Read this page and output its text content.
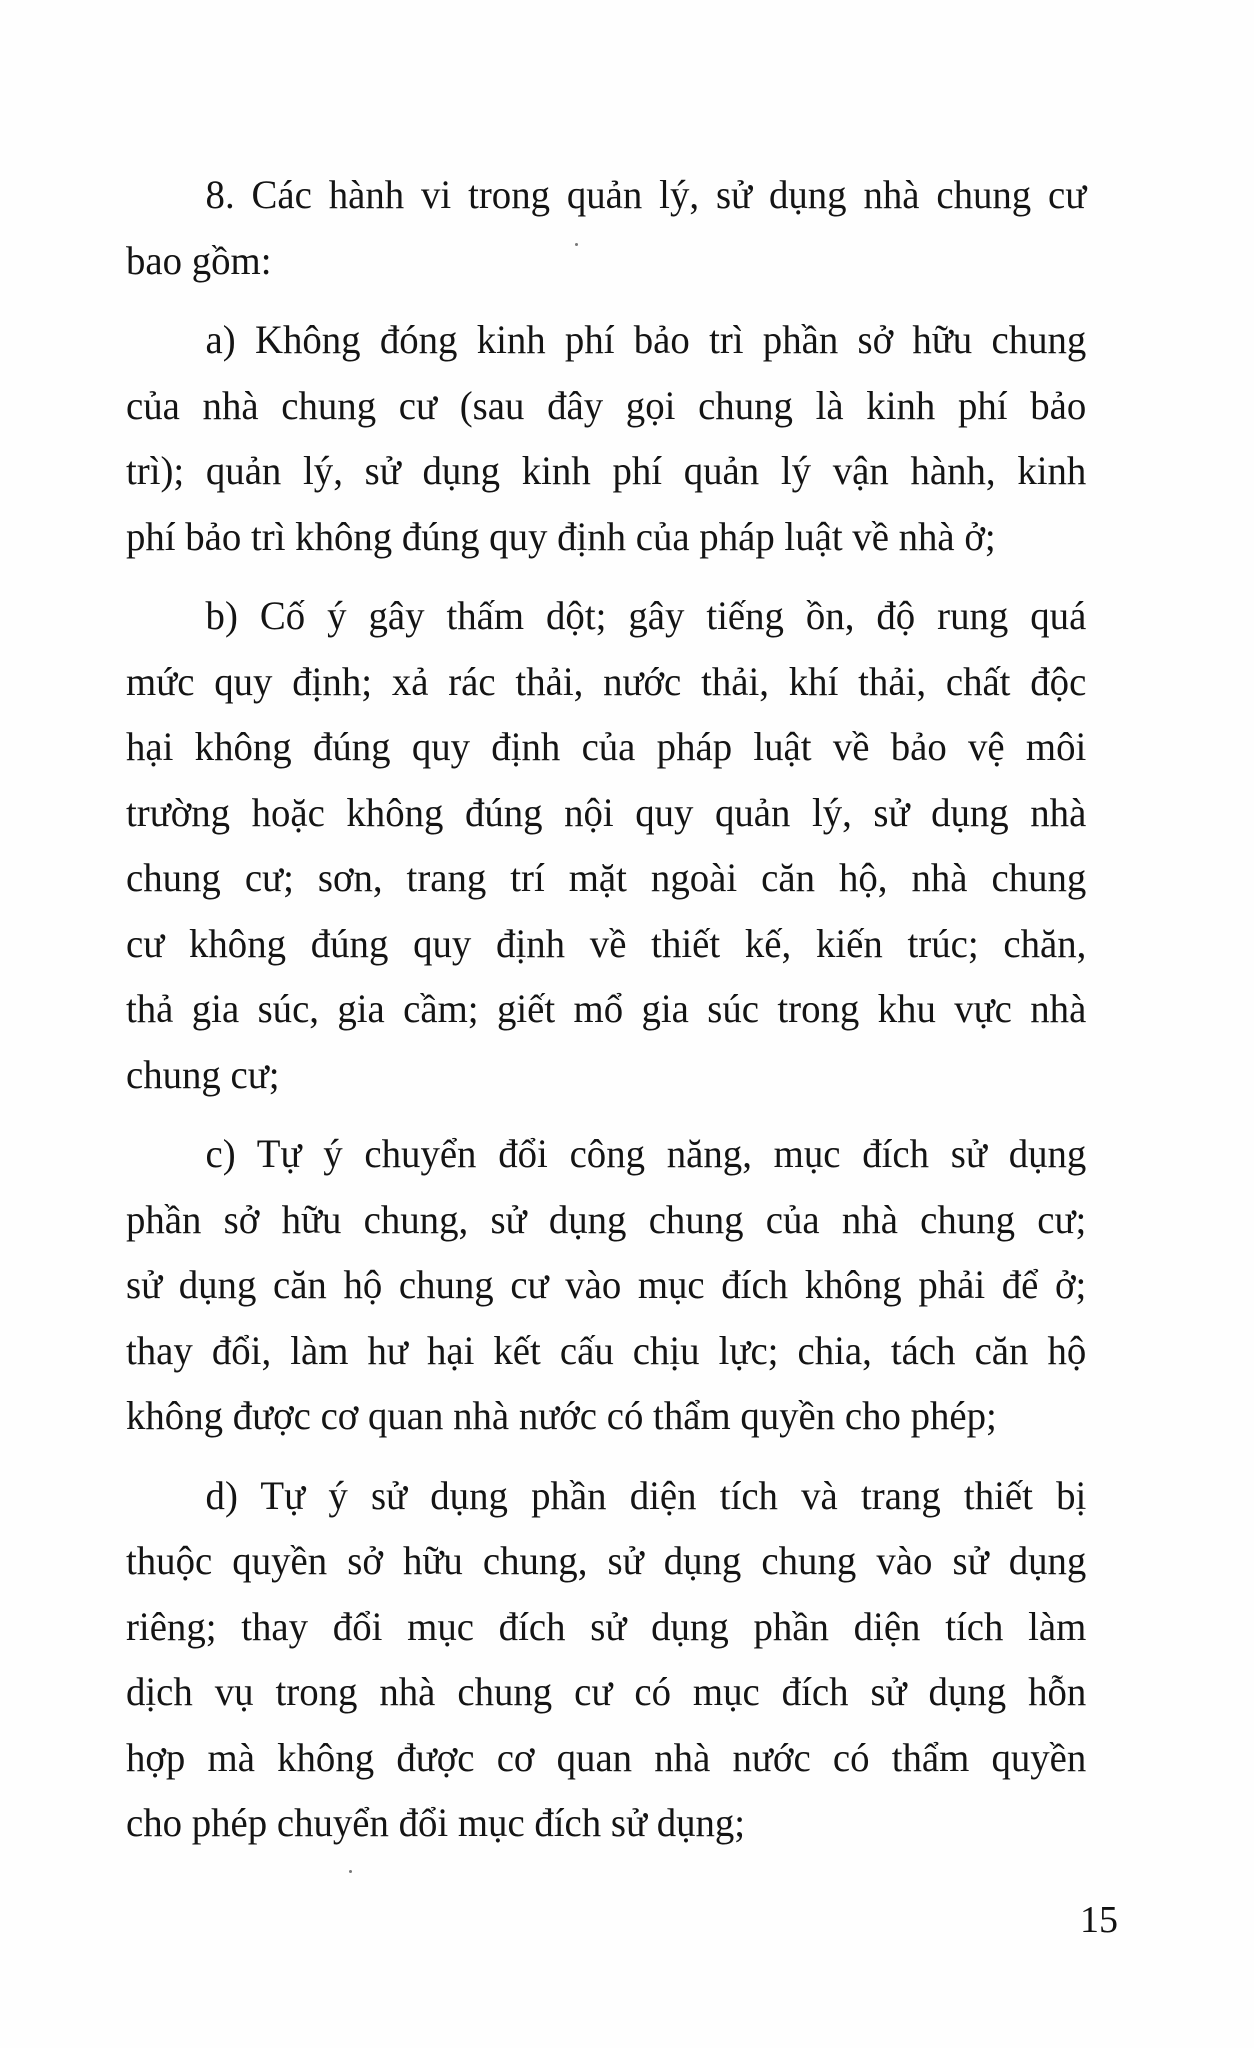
8. Các hành vi trong quản lý, sử dụng nhà chung cư
bao gồm:
a) Không đóng kinh phí bảo trì phần sở hữu chung
của nhà chung cư (sau đây gọi chung là kinh phí bảo
trì); quản lý, sử dụng kinh phí quản lý vận hành, kinh
phí bảo trì không đúng quy định của pháp luật về nhà ở;
b) Cố ý gây thấm dột; gây tiếng ồn, độ rung quá
mức quy định; xả rác thải, nước thải, khí thải, chất độc
hại không đúng quy định của pháp luật về bảo vệ môi
trường hoặc không đúng nội quy quản lý, sử dụng nhà
chung cư; sơn, trang trí mặt ngoài căn hộ, nhà chung
cư không đúng quy định về thiết kế, kiến trúc; chăn,
thả gia súc, gia cầm; giết mổ gia súc trong khu vực nhà
chung cư;
c) Tự ý chuyển đổi công năng, mục đích sử dụng
phần sở hữu chung, sử dụng chung của nhà chung cư;
sử dụng căn hộ chung cư vào mục đích không phải để ở;
thay đổi, làm hư hại kết cấu chịu lực; chia, tách căn hộ
không được cơ quan nhà nước có thẩm quyền cho phép;
d) Tự ý sử dụng phần diện tích và trang thiết bị
thuộc quyền sở hữu chung, sử dụng chung vào sử dụng
riêng; thay đổi mục đích sử dụng phần diện tích làm
dịch vụ trong nhà chung cư có mục đích sử dụng hỗn
hợp mà không được cơ quan nhà nước có thẩm quyền
cho phép chuyển đổi mục đích sử dụng;
15
